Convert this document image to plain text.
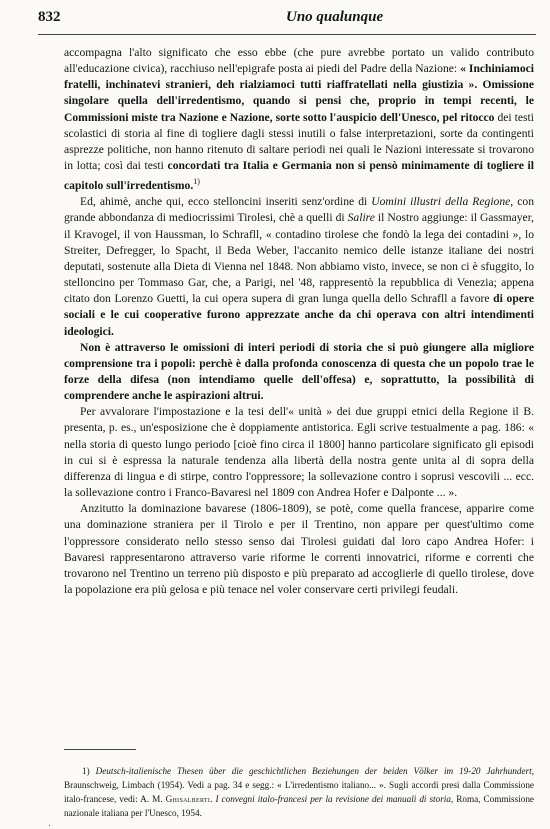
832	Uno qualunque

accompagna l'alto significato che esso ebbe (che pure avrebbe portato un valido contributo all'educazione civica), racchiuso nell'epigrafe posta ai piedi del Padre della Nazione: « Inchiniamoci fratelli, inchinatevi stranieri, deh rialziamoci tutti riaffratellati nella giustizia ». Omissione singolare quella dell'irredentismo, quando si pensi che, proprio in tempi recenti, le Commissioni miste tra Nazione e Nazione, sorte sotto l'auspicio dell'Unesco, pel ritocco dei testi scolastici di storia al fine di togliere dagli stessi inutili o false interpretazioni, sorte da contingenti asprezze politiche, non hanno ritenuto di saltare periodi nei quali le Nazioni interessate si trovarono in lotta; così dai testi concordati tra Italia e Germania non si pensò minimamente di togliere il capitolo sull'irredentismo.$^{1)}$

Ed, ahimè, anche qui, ecco stelloncini inseriti senz'ordine di Uomini illustri della Regione, con grande abbondanza di mediocrissimi Tirolesi, chè a quelli di Salire il Nostro aggiunge: il Gassmayer, il Kravogel, il von Haussman, lo Schrafll, « contadino tirolese che fondò la lega dei contadini », lo Streiter, Defregger, lo Spacht, il Beda Weber, l'accanito nemico delle istanze italiane dei nostri deputati, sostenute alla Dieta di Vienna nel 1848. Non abbiamo visto, invece, se non ci è sfuggito, lo stelloncino per Tommaso Gar, che, a Parigi, nel '48, rappresentò la repubblica di Venezia; appena citato don Lorenzo Guetti, la cui opera supera di gran lunga quella dello Schrafll a favore di opere sociali e le cui cooperative furono apprezzate anche da chi operava con altri intendimenti ideologici.

Non è attraverso le omissioni di interi periodi di storia che si può giungere alla migliore comprensione tra i popoli: perchè è dalla profonda conoscenza di questa che un popolo trae le forze della difesa (non intendiamo quelle dell'offesa) e, soprattutto, la possibilità di comprendere anche le aspirazioni altrui.

Per avvalorare l'impostazione e la tesi dell'« unità » dei due gruppi etnici della Regione il B. presenta, p. es., un'esposizione che è doppiamente antistorica. Egli scrive testualmente a pag. 186: « nella storia di questo lungo periodo [cioè fino circa il 1800] hanno particolare significato gli episodi in cui si è espressa la naturale tendenza alla libertà della nostra gente unita al di sopra della differenza di lingua e di stirpe, contro l'oppressore; la sollevazione contro i soprusi vescovili ... ecc. la sollevazione contro i Franco-Bavaresi nel 1809 con Andrea Hofer e Dalponte ... ».

Anzitutto la dominazione bavarese (1806-1809), se potè, come quella francese, apparire come una dominazione straniera per il Tirolo e per il Trentino, non appare per quest'ultimo come l'oppressore considerato nello stesso senso dai Tirolesi guidati dal loro capo Andrea Hofer: i Bavaresi rappresentarono attraverso varie riforme le correnti innovatrici, riforme e correnti che trovarono nel Trentino un terreno più disposto e più preparato ad accoglierle di quello tirolese, dove la popolazione era più gelosa e più tenace nel voler conservare certi privilegi feudali.

1) Deutsch-italienische Thesen über die geschichtlichen Beziehungen der beiden Völker im 19-20 Jahrhundert, Braunschweig, Limbach (1954). Vedi a pag. 34 e segg.: « L'irredentismo italiano... ». Sugli accordi presi dalla Commissione italo-francese, vedi: A. M. Ghisalberti. I convegni italo-francesi per la revisione dei manuali di storia, Roma, Commissione nazionale italiana per l'Unesco, 1954.

.
